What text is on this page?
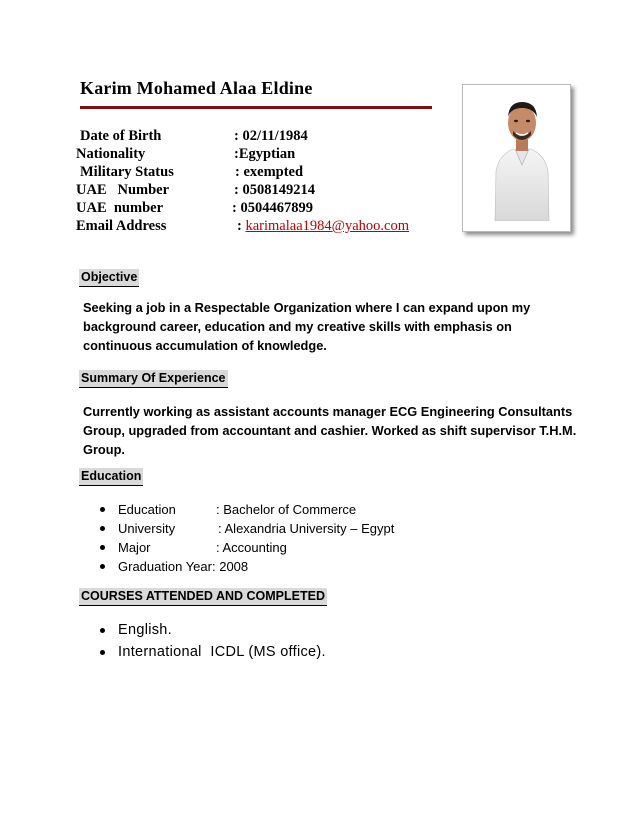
Karim Mohamed Alaa Eldine
Date of Birth	: 02/11/1984
Nationality	:Egyptian
Military Status	: exempted
UAE   Number	: 0508149214
UAE  number	: 0504467899
Email Address	: karimalaa1984@yahoo.com
Objective
Seeking a job in a Respectable Organization where I can expand upon my background career, education and my creative skills with emphasis on continuous accumulation of knowledge.
Summary Of Experience
Currently working as assistant accounts manager ECG Engineering Consultants Group, upgraded from accountant and cashier. Worked as shift supervisor T.H.M. Group.
Education
Education	: Bachelor of Commerce
University	: Alexandria University – Egypt
Major	: Accounting
Graduation Year: 2008
COURSES ATTENDED AND COMPLETED
English.
International  ICDL (MS office).
